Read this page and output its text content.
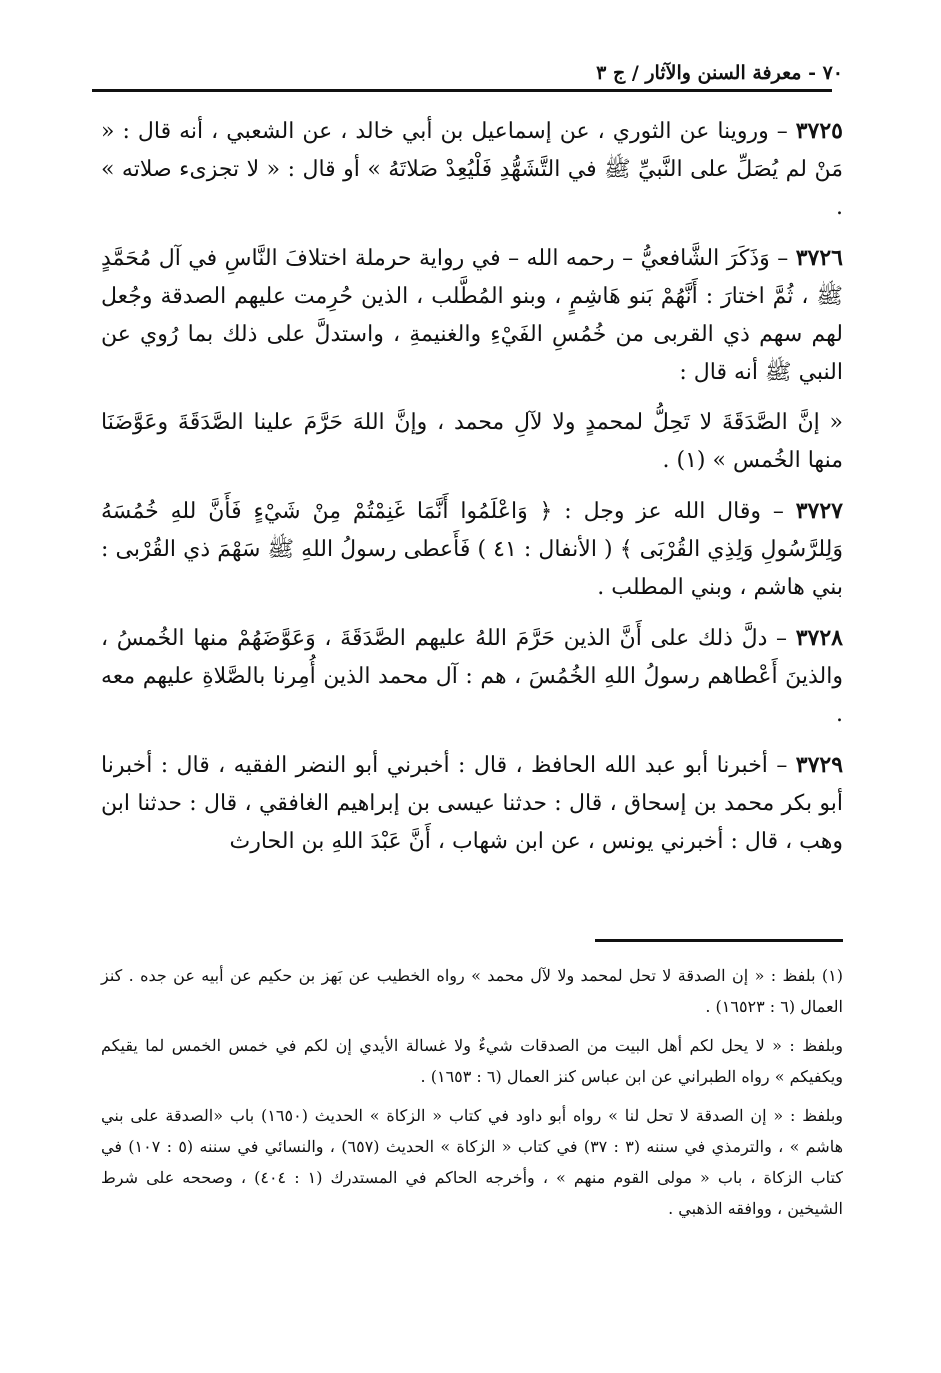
٧٠ - معرفة السنن والآثار / ج ٣

٣٧٢٥ – وروينا عن الثوري ، عن إسماعيل بن أبي خالد ، عن الشعبي ، أنه قال : « مَنْ لم يُصَلِّ على النَّبيِّ ﷺ في التَّشَهُّدِ فَلْيُعِدْ صَلاتَهُ » أو قال : « لا تجزىء صلاته » .

٣٧٢٦ – وَذَكَرَ الشَّافعيُّ – رحمه الله – في رواية حرملة اختلافَ النَّاسِ في آل مُحَمَّدٍ ﷺ ، ثُمَّ اختارَ : أَنَّهُمْ بَنو هَاشِمٍ ، وبنو المُطَّلب ، الذين حُرِمت عليهم الصدقة وجُعل لهم سهم ذي القربى من خُمُسِ الفَيْءِ والغنيمةِ ، واستدلَّ على ذلك بما رُوي عن النبي ﷺ أنه قال :

« إنَّ الصَّدَقَةَ لا تَحِلُّ لمحمدٍ ولا لآلِ محمد ، وإنَّ اللهَ حَرَّمَ علينا الصَّدَقَةَ وعَوَّضَنَا منها الخُمس » (١) .

٣٧٢٧ – وقال الله عز وجل : ﴿ وَاعْلَمُوا أَنَّمَا غَنِمْتُمْ مِنْ شَيْءٍ فَأَنَّ للهِ خُمُسَهُ وَلِلرَّسُولِ وَلِذِي القُرْبَى ﴾ ( الأنفال : ٤١ ) فَأَعطى رسولُ اللهِ ﷺ سَهْمَ ذي القُرْبى : بني هاشم ، وبني المطلب .

٣٧٢٨ – دلَّ ذلك على أَنَّ الذين حَرَّمَ اللهُ عليهم الصَّدَقَةَ ، وَعَوَّضَهُمْ منها الخُمسُ ، والذينَ أَعْطاهم رسولُ اللهِ الخُمُسَ ، هم : آل محمد الذين أُمِرنا بالصَّلاةِ عليهم معه .

٣٧٢٩ – أخبرنا أبو عبد الله الحافظ ، قال : أخبرني أبو النضر الفقيه ، قال : أخبرنا أبو بكر محمد بن إسحاق ، قال : حدثنا عيسى بن إبراهيم الغافقي ، قال : حدثنا ابن وهب ، قال : أخبرني يونس ، عن ابن شهاب ، أَنَّ عَبْدَ اللهِ بن الحارث

(١) بلفظ : « إن الصدقة لا تحل لمحمد ولا لآل محمد » رواه الخطيب عن بَهز بن حكيم عن أبيه عن جده . كنز العمال (٦ : ١٦٥٢٣) .

وبلفظ : « لا يحل لكم أهل البيت من الصدقات شيءٌ ولا غسالة الأيدي إن لكم في خمس الخمس لما يقيكم ويكفيكم » رواه الطبراني عن ابن عباس كنز العمال (٦ : ١٦٥٣) .

وبلفظ : « إن الصدقة لا تحل لنا » رواه أبو داود في كتاب « الزكاة » الحديث (١٦٥٠) باب «الصدقة على بني هاشم » ، والترمذي في سننه (٣ : ٣٧) في كتاب « الزكاة » الحديث (٦٥٧) ، والنسائي في سننه (٥ : ١٠٧) في كتاب الزكاة ، باب « مولى القوم منهم » ، وأخرجه الحاكم في المستدرك (١ : ٤٠٤) ، وصححه على شرط الشيخين ، ووافقه الذهبي .
